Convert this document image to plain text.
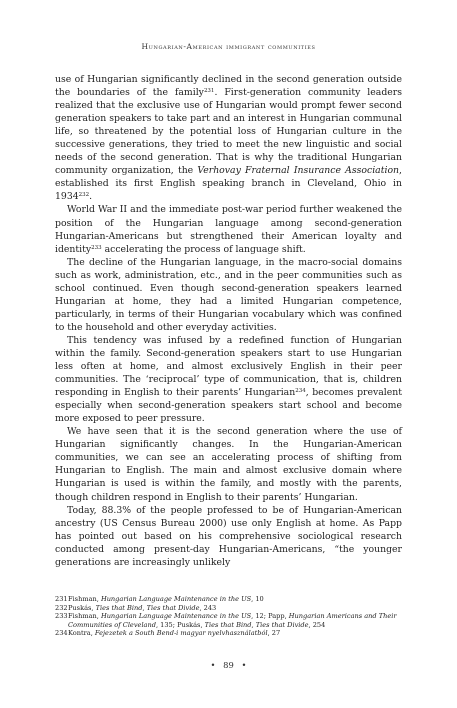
Hungarian-American immigrant communities

use of Hungarian significantly declined in the second generation outside the boundaries of the family$^{231}$. First-generation community leaders realized that the exclusive use of Hungarian would prompt fewer second generation speakers to take part and an interest in Hungarian communal life, so threatened by the potential loss of Hungarian culture in the successive generations, they tried to meet the new linguistic and social needs of the second generation. That is why the traditional Hungarian community organization, the Verhovay Fraternal Insurance Association, established its first English speaking branch in Cleveland, Ohio in 1934$^{232}$.

World War II and the immediate post-war period further weakened the position of the Hungarian language among second-generation Hungarian-Americans but strengthened their American loyalty and identity$^{233}$ accelerating the process of language shift.

The decline of the Hungarian language, in the macro-social domains such as work, administration, etc., and in the peer communities such as school continued. Even though second-generation speakers learned Hungarian at home, they had a limited Hungarian competence, particularly, in terms of their Hungarian vocabulary which was confined to the household and other everyday activities.

This tendency was infused by a redefined function of Hungarian within the family. Second-generation speakers start to use Hungarian less often at home, and almost exclusively English in their peer communities. The ‘reciprocal’ type of communication, that is, children responding in English to their parents’ Hungarian$^{234}$, becomes prevalent especially when second-generation speakers start school and become more exposed to peer pressure.

We have seen that it is the second generation where the use of Hungarian significantly changes. In the Hungarian-American communities, we can see an accelerating process of shifting from Hungarian to English. The main and almost exclusive domain where Hungarian is used is within the family, and mostly with the parents, though children respond in English to their parents’ Hungarian.

Today, 88.3% of the people professed to be of Hungarian-American ancestry (US Census Bureau 2000) use only English at home. As Papp has pointed out based on his comprehensive sociological research conducted among present-day Hungarian-Americans, “the younger generations are increasingly unlikely

231 Fishman, Hungarian Language Maintenance in the US, 10
232 Puskás, Ties that Bind, Ties that Divide, 243
233 Fishman, Hungarian Language Maintenance in the US, 12; Papp, Hungarian Americans and Their Communities of Cleveland, 135; Puskás, Ties that Bind, Ties that Divide, 254
234 Kontra, Fejezetek a South Bend-i magyar nyelvhasználatból, 27
• 89 •
